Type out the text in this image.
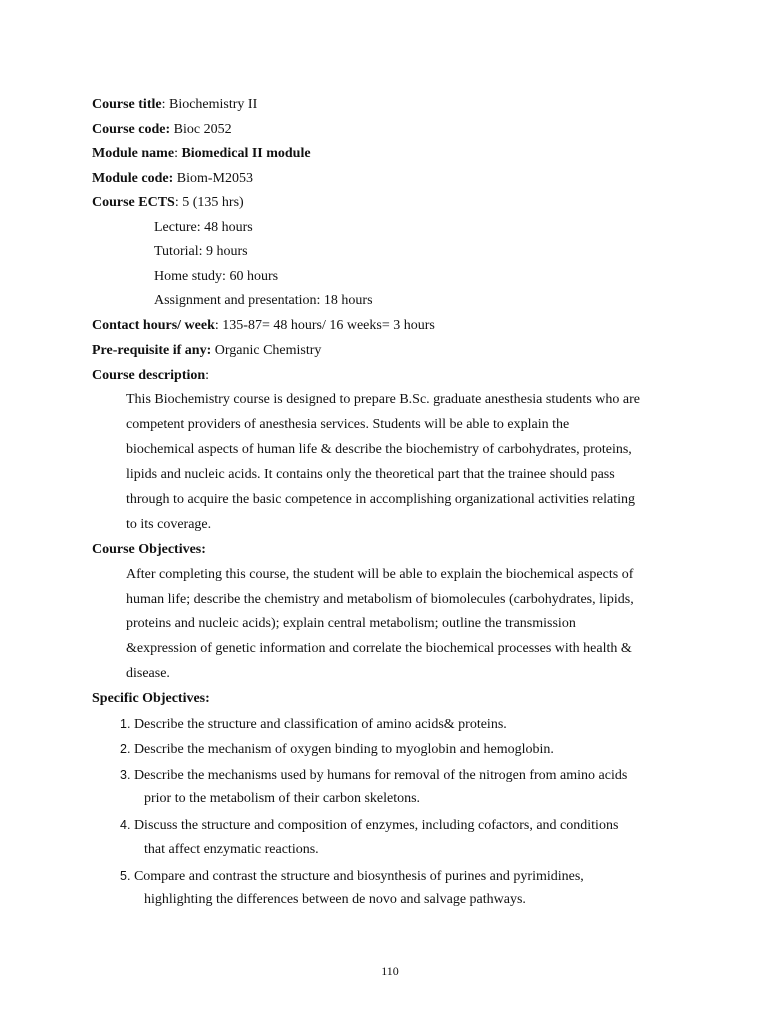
Course title: Biochemistry II
Course code: Bioc 2052
Module name: Biomedical II module
Module code: Biom-M2053
Course ECTS: 5 (135 hrs)
Lecture: 48 hours
Tutorial: 9 hours
Home study: 60 hours
Assignment and presentation: 18 hours
Contact hours/ week: 135-87= 48 hours/ 16 weeks= 3 hours
Pre-requisite if any: Organic Chemistry
Course description:
This Biochemistry course is designed to prepare B.Sc. graduate anesthesia students who are
competent providers of anesthesia services. Students will be able to explain the
biochemical aspects of human life & describe the biochemistry of carbohydrates, proteins,
lipids and nucleic acids. It contains only the theoretical part that the trainee should pass
through to acquire the basic competence in accomplishing organizational activities relating
to its coverage.
Course Objectives:
After completing this course, the student will be able to explain the biochemical aspects of
human life; describe the chemistry and metabolism of biomolecules (carbohydrates, lipids,
proteins and nucleic acids); explain central metabolism; outline the transmission
&expression of genetic information and correlate the biochemical processes with health &
disease.
Specific Objectives:
1. Describe the structure and classification of amino acids& proteins.
2. Describe the mechanism of oxygen binding to myoglobin and hemoglobin.
3. Describe the mechanisms used by humans for removal of the nitrogen from amino acids
prior to the metabolism of their carbon skeletons.
4. Discuss the structure and composition of enzymes, including cofactors, and conditions
that affect enzymatic reactions.
5. Compare and contrast the structure and biosynthesis of purines and pyrimidines,
highlighting the differences between de novo and salvage pathways.
110
